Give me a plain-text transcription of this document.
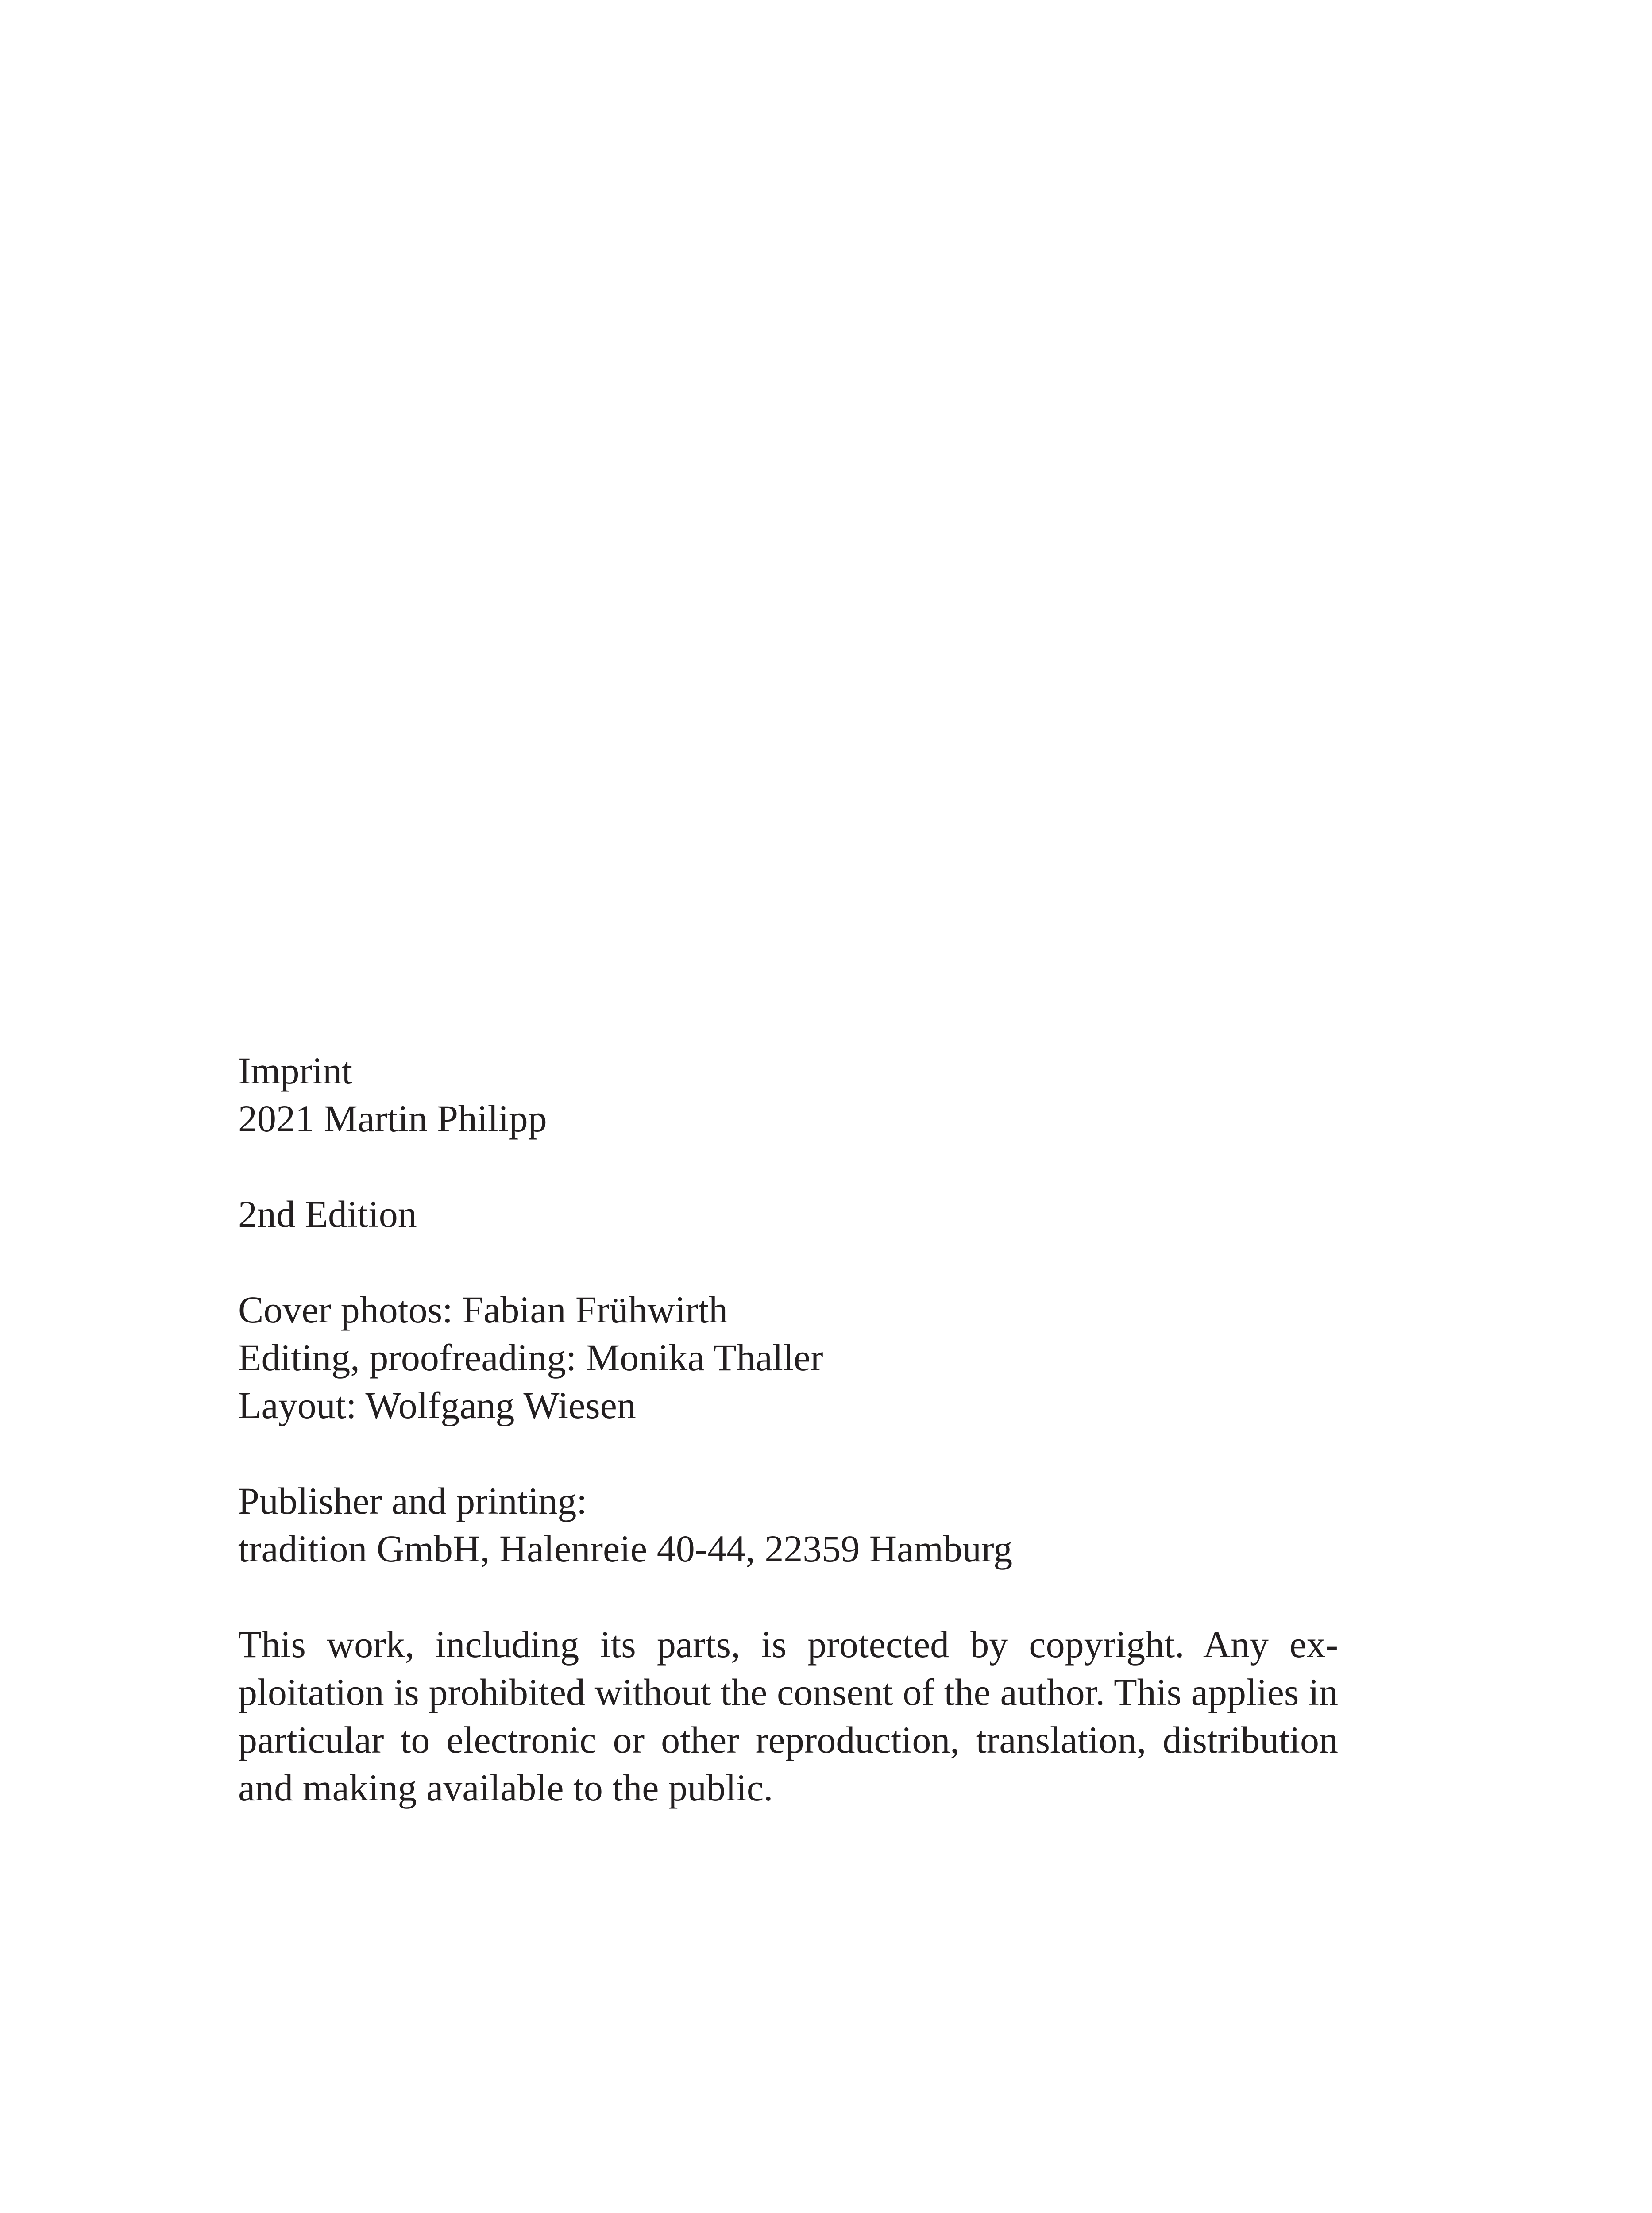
Imprint
2021 Martin Philipp
2nd Edition
Cover photos: Fabian Frühwirth
Editing, proofreading: Monika Thaller
Layout: Wolfgang Wiesen
Publisher and printing:
tradition GmbH, Halenreie 40-44, 22359 Hamburg
This work, including its parts, is protected by copyright. Any exploitation is prohibited without the consent of the author. This applies in particular to electronic or other reproduction, translation, distribution and making available to the public.
